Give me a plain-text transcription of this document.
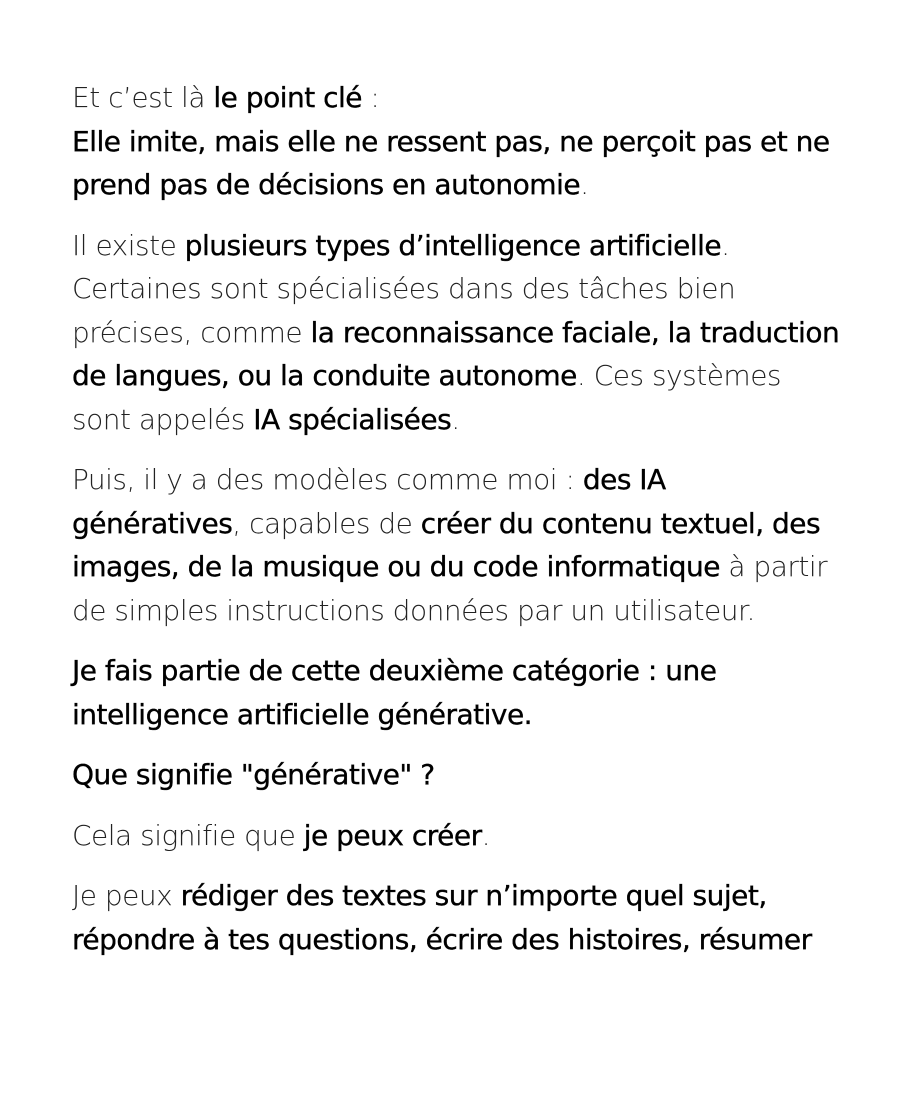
Et c’est là le point clé :
Elle imite, mais elle ne ressent pas, ne perçoit pas et ne prend pas de décisions en autonomie.

Il existe plusieurs types d’intelligence artificielle. Certaines sont spécialisées dans des tâches bien précises, comme la reconnaissance faciale, la traduction de langues, ou la conduite autonome. Ces systèmes sont appelés IA spécialisées.

Puis, il y a des modèles comme moi : des IA génératives, capables de créer du contenu textuel, des images, de la musique ou du code informatique à partir de simples instructions données par un utilisateur.

Je fais partie de cette deuxième catégorie : une intelligence artificielle générative.

Que signifie "générative" ?

Cela signifie que je peux créer.

Je peux rédiger des textes sur n’importe quel sujet, répondre à tes questions, écrire des histoires, résumer
